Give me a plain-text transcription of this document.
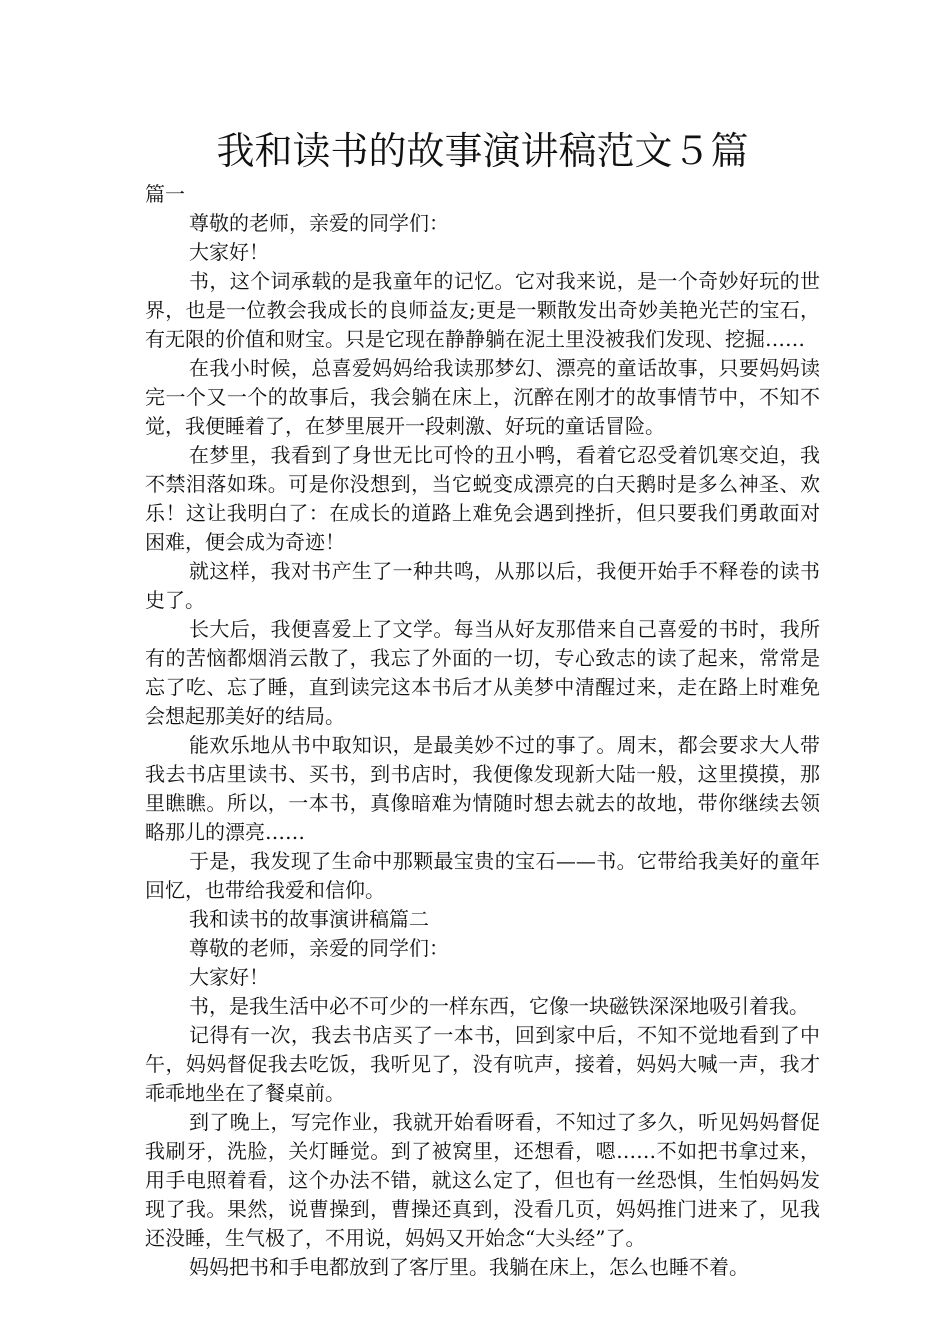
我和读书的故事演讲稿范文５篇

篇一

尊敬的老师，亲爱的同学们：

大家好！

书，这个词承载的是我童年的记忆。它对我来说，是一个奇妙好玩的世界，也是一位教会我成长的良师益友;更是一颗散发出奇妙美艳光芒的宝石，有无限的价值和财宝。只是它现在静静躺在泥土里没被我们发现、挖掘……

在我小时候，总喜爱妈妈给我读那梦幻、漂亮的童话故事，只要妈妈读完一个又一个的故事后，我会躺在床上，沉醉在刚才的故事情节中，不知不觉，我便睡着了，在梦里展开一段刺激、好玩的童话冒险。

在梦里，我看到了身世无比可怜的丑小鸭，看着它忍受着饥寒交迫，我不禁泪落如珠。可是你没想到，当它蜕变成漂亮的白天鹅时是多么神圣、欢乐！这让我明白了：在成长的道路上难免会遇到挫折，但只要我们勇敢面对困难，便会成为奇迹！

就这样，我对书产生了一种共鸣，从那以后，我便开始手不释卷的读书史了。

长大后，我便喜爱上了文学。每当从好友那借来自己喜爱的书时，我所有的苦恼都烟消云散了，我忘了外面的一切，专心致志的读了起来，常常是忘了吃、忘了睡，直到读完这本书后才从美梦中清醒过来，走在路上时难免会想起那美好的结局。

能欢乐地从书中取知识，是最美妙不过的事了。周末，都会要求大人带我去书店里读书、买书，到书店时，我便像发现新大陆一般，这里摸摸，那里瞧瞧。所以，一本书，真像暗难为情随时想去就去的故地，带你继续去领略那儿的漂亮……

于是，我发现了生命中那颗最宝贵的宝石——书。它带给我美好的童年回忆，也带给我爱和信仰。

我和读书的故事演讲稿篇二

尊敬的老师，亲爱的同学们：

大家好！

书，是我生活中必不可少的一样东西，它像一块磁铁深深地吸引着我。

记得有一次，我去书店买了一本书，回到家中后，不知不觉地看到了中午，妈妈督促我去吃饭，我听见了，没有吭声，接着，妈妈大喊一声，我才乖乖地坐在了餐桌前。

到了晚上，写完作业，我就开始看呀看，不知过了多久，听见妈妈督促我刷牙，洗脸，关灯睡觉。到了被窝里，还想看，嗯……不如把书拿过来，用手电照着看，这个办法不错，就这么定了，但也有一丝恐惧，生怕妈妈发现了我。果然，说曹操到，曹操还真到，没看几页，妈妈推门进来了，见我还没睡，生气极了，不用说，妈妈又开始念“大头经”了。

妈妈把书和手电都放到了客厅里。我躺在床上，怎么也睡不着。
